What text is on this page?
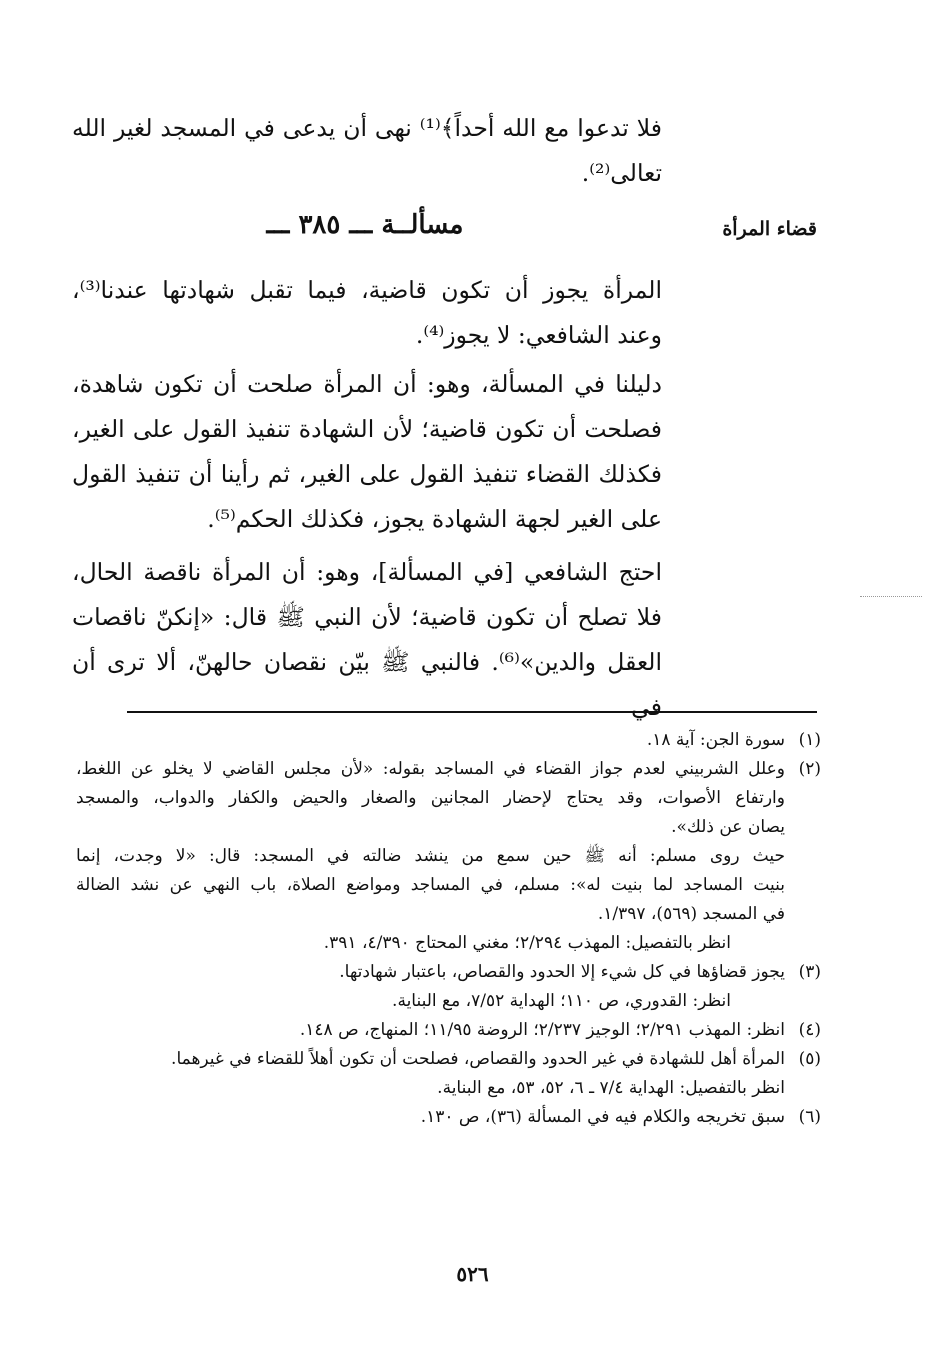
فلا تدعوا مع الله أحداً﴾⁽¹⁾ نهى أن يدعى في المسجد لغير الله
تعالى⁽²⁾.

قضاء المرأة
مسألــة ـــ ٣٨٥ ـــ

المرأة يجوز أن تكون قاضية، فيما تقبل شهادتها عندنا⁽³⁾،
وعند الشافعي: لا يجوز⁽⁴⁾.

دليلنا في المسألة، وهو: أن المرأة صلحت أن تكون شاهدة،
فصلحت أن تكون قاضية؛ لأن الشهادة تنفيذ القول على الغير،
فكذلك القضاء تنفيذ القول على الغير، ثم رأينا أن تنفيذ القول
على الغير لجهة الشهادة يجوز، فكذلك الحكم⁽⁵⁾.

احتج الشافعي [في المسألة]، وهو: أن المرأة ناقصة الحال،
فلا تصلح أن تكون قاضية؛ لأن النبي ﷺ قال: «إنكنّ ناقصات
العقل والدين»⁽⁶⁾. فالنبي ﷺ بيّن نقصان حالهنّ، ألا ترى أن في

(١)
سورة الجن: آية ١٨.
(٢)
وعلل الشربيني لعدم جواز القضاء في المساجد بقوله: «لأن مجلس القاضي لا يخلو عن اللغط،
وارتفاع الأصوات، وقد يحتاج لإحضار المجانين والصغار والحيض والكفار والدواب، والمسجد
يصان عن ذلك».
حيث روى مسلم: أنه ﷺ حين سمع من ينشد ضالته في المسجد: قال: «لا وجدت، إنما
بنيت المساجد لما بنيت له»: مسلم، في المساجد ومواضع الصلاة، باب النهي عن نشد الضالة
في المسجد (٥٦٩)، ١/٣٩٧.
انظر بالتفصيل: المهذب ٢/٢٩٤؛ مغني المحتاج ٤/٣٩٠، ٣٩١.
(٣)
يجوز قضاؤها في كل شيء إلا الحدود والقصاص، باعتبار شهادتها.
انظر: القدوري، ص ١١٠؛ الهداية ٧/٥٢، مع البناية.
(٤)
انظر: المهذب ٢/٢٩١؛ الوجيز ٢/٢٣٧؛ الروضة ١١/٩٥؛ المنهاج، ص ١٤٨.
(٥)
المرأة أهل للشهادة في غير الحدود والقصاص، فصلحت أن تكون أهلاً للقضاء في غيرهما.
انظر بالتفصيل: الهداية ٧/٤ ـ ٦، ٥٢، ٥٣، مع البناية.
(٦)
سبق تخريجه والكلام فيه في المسألة (٣٦)، ص ١٣٠.
٥٢٦
